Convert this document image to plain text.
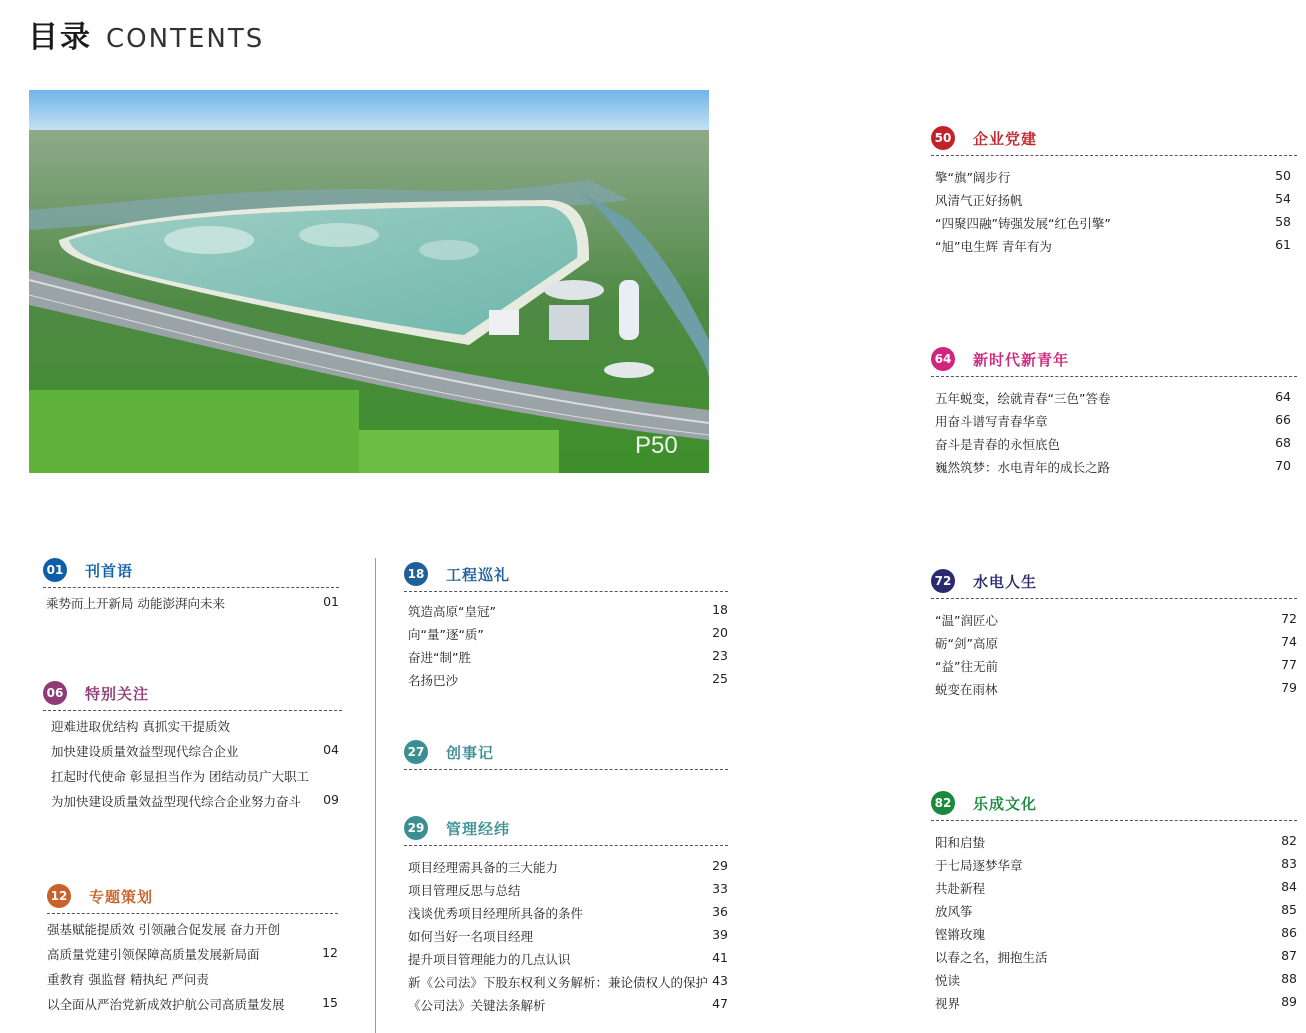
目录 CONTENTS
P50
01 刊首语
乘势而上开新局 动能澎湃向未来	01
06 特别关注
迎难进取优结构 真抓实干提质效
加快建设质量效益型现代综合企业	04
扛起时代使命 彰显担当作为 团结动员广大职工
为加快建设质量效益型现代综合企业努力奋斗 09
12 专题策划
强基赋能提质效 引领融合促发展 奋力开创
高质量党建引领保障高质量发展新局面	12
重教育 强监督 精执纪 严问责
以全面从严治党新成效护航公司高质量发展	15
18 工程巡礼
筑造高原“皇冠”	18
向“量”逐“质”	20
奋进“制”胜	23
名扬巴沙	25
27 创事记
29 管理经纬
项目经理需具备的三大能力	29
项目管理反思与总结	33
浅谈优秀项目经理所具备的条件	36
如何当好一名项目经理	39
提升项目管理能力的几点认识	41
新《公司法》下股东权利义务解析：兼论债权人的保护 43
《公司法》关键法条解析	47
50 企业党建
擎“旗”阔步行	50
风清气正好扬帆	54
“四聚四融”铸强发展“红色引擎”	58
“旭”电生辉 青年有为	61
64 新时代新青年
五年蜕变，绘就青春“三色”答卷	64
用奋斗谱写青春华章	66
奋斗是青春的永恒底色	68
巍然筑梦：水电青年的成长之路	70
72 水电人生
“温”润匠心	72
砺“剑”高原	74
“益”往无前	77
蜕变在雨林	79
82 乐成文化
阳和启蛰	82
于七局逐梦华章	83
共赴新程	84
放风筝	85
铿锵玫瑰	86
以春之名，拥抱生活	87
悦读	88
视界	89
